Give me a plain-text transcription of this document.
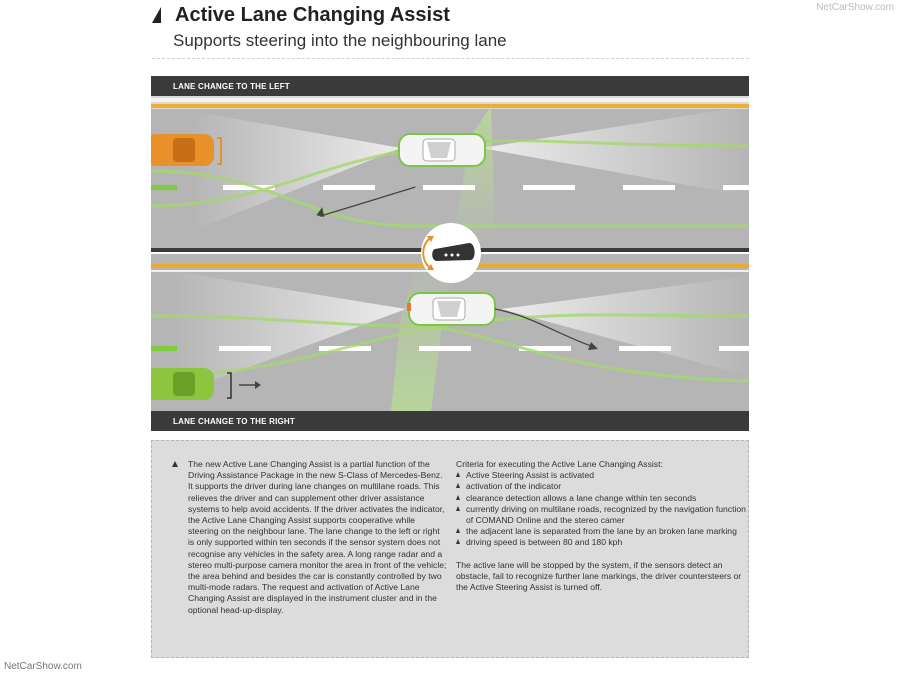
Active Lane Changing Assist
Supports steering into the neighbouring lane
NetCarShow.com
LANE CHANGE TO THE LEFT
LANE CHANGE TO THE RIGHT
The new Active Lane Changing Assist is a partial function of the Driving Assistance Package in the new S-Class of Mercedes-Benz. It supports the driver during lane changes on multilane roads. This relieves the driver and can supplement other driver assistance systems to help avoid accidents. If the driver activates the indicator, the Active Lane Changing Assist supports cooperative while steering on the neighbour lane. The lane change to the left or right is only supported within ten seconds if the sensor system does not recognise any vehicles in the safety area. A long range radar and a stereo multi-purpose camera monitor the area in front of the vehicle; the area behind and besides the car is constantly controlled by two multi-mode radars. The request and activation of Active Lane Changing Assist are displayed in the instrument cluster and in the optional head-up-display.
Criteria for executing the Active Lane Changing Assist:
Active Steering Assist is activated
activation of the indicator
clearance detection allows a lane change within ten seconds
currently driving on multilane roads, recognized by the navigation function of COMAND Online and the stereo camer
the adjacent lane is separated from the lane by an broken lane marking
driving speed is between 80 and 180 kph
The active lane will be stopped by the system, if the sensors detect an obstacle, fail to recognize further lane markings, the driver countersteers or the Active Steering Assist is turned off.
NetCarShow.com
